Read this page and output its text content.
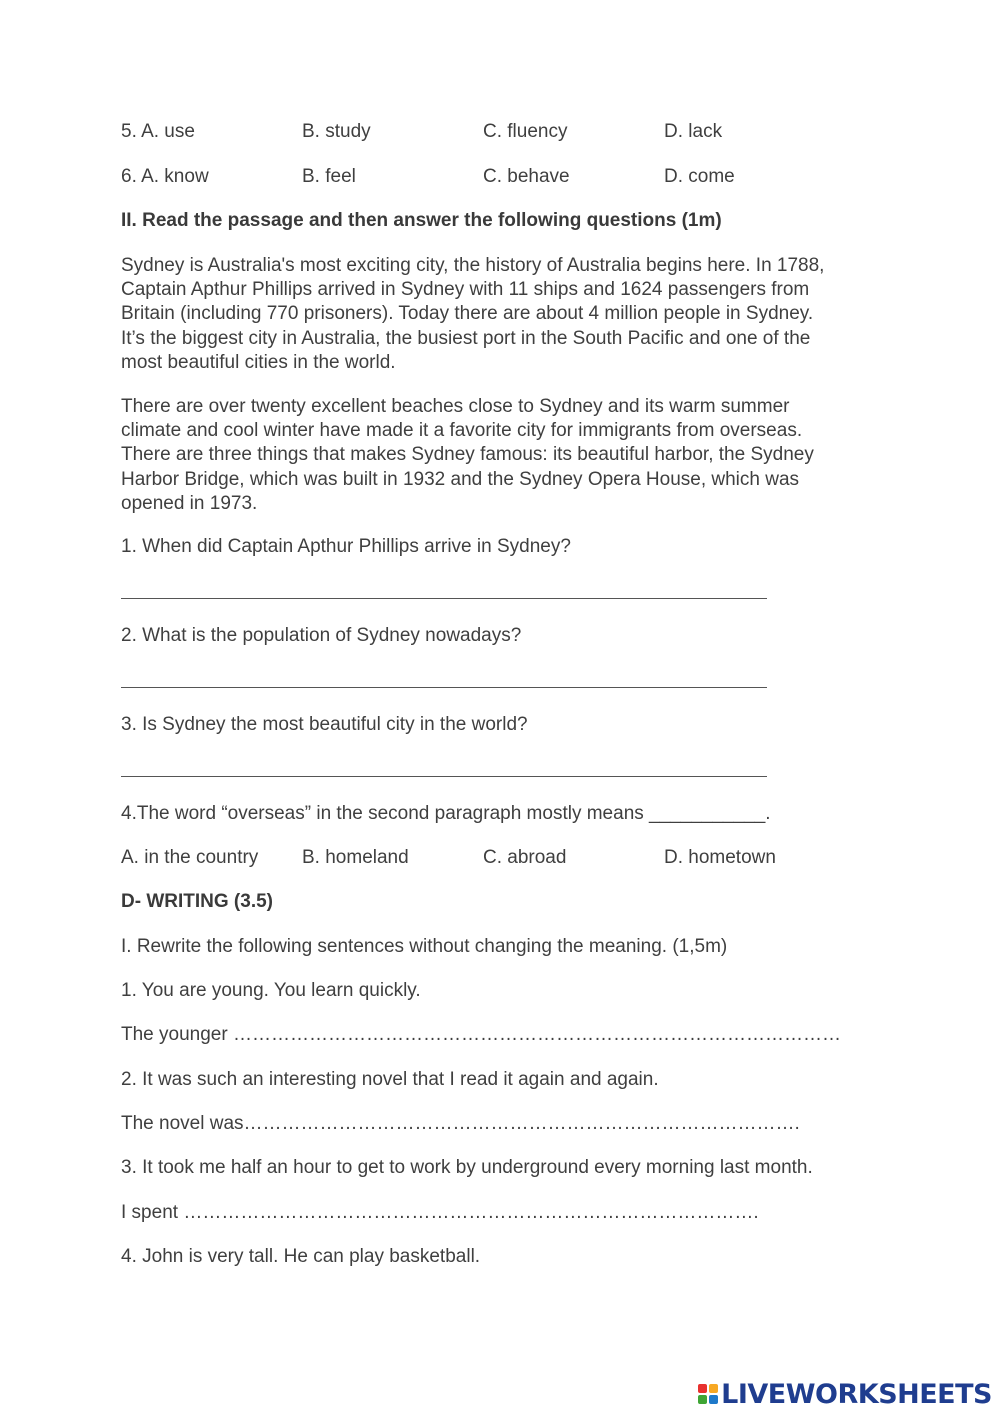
5. A. use	B. study	C. fluency	D. lack
6. A. know	B. feel	C. behave	D. come
II. Read the passage and then answer the following questions (1m)
Sydney is Australia's most exciting city, the history of Australia begins here. In 1788,
Captain Apthur Phillips arrived in Sydney with 11 ships and 1624 passengers from
Britain (including 770 prisoners). Today there are about 4 million people in Sydney.
It’s the biggest city in Australia, the busiest port in the South Pacific and one of the
most beautiful cities in the world.
There are over twenty excellent beaches close to Sydney and its warm summer
climate and cool winter have made it a favorite city for immigrants from overseas.
There are three things that makes Sydney famous: its beautiful harbor, the Sydney
Harbor Bridge, which was built in 1932 and the Sydney Opera House, which was
opened in 1973.
1. When did Captain Apthur Phillips arrive in Sydney?
2. What is the population of Sydney nowadays?
3. Is Sydney the most beautiful city in the world?
4.The word “overseas” in the second paragraph mostly means ___________.
A. in the country B. homeland	C. abroad	D. hometown
D- WRITING (3.5)
I. Rewrite the following sentences without changing the meaning. (1,5m)
1. You are young. You learn quickly.
The younger ……………………………………………………………………………………
2. It was such an interesting novel that I read it again and again.
The novel was…………………………………………………………………………….
3. It took me half an hour to get to work by underground every morning last month.
I spent ……………………………………………………………………………….
4. John is very tall. He can play basketball.
LIVEWORKSHEETS
